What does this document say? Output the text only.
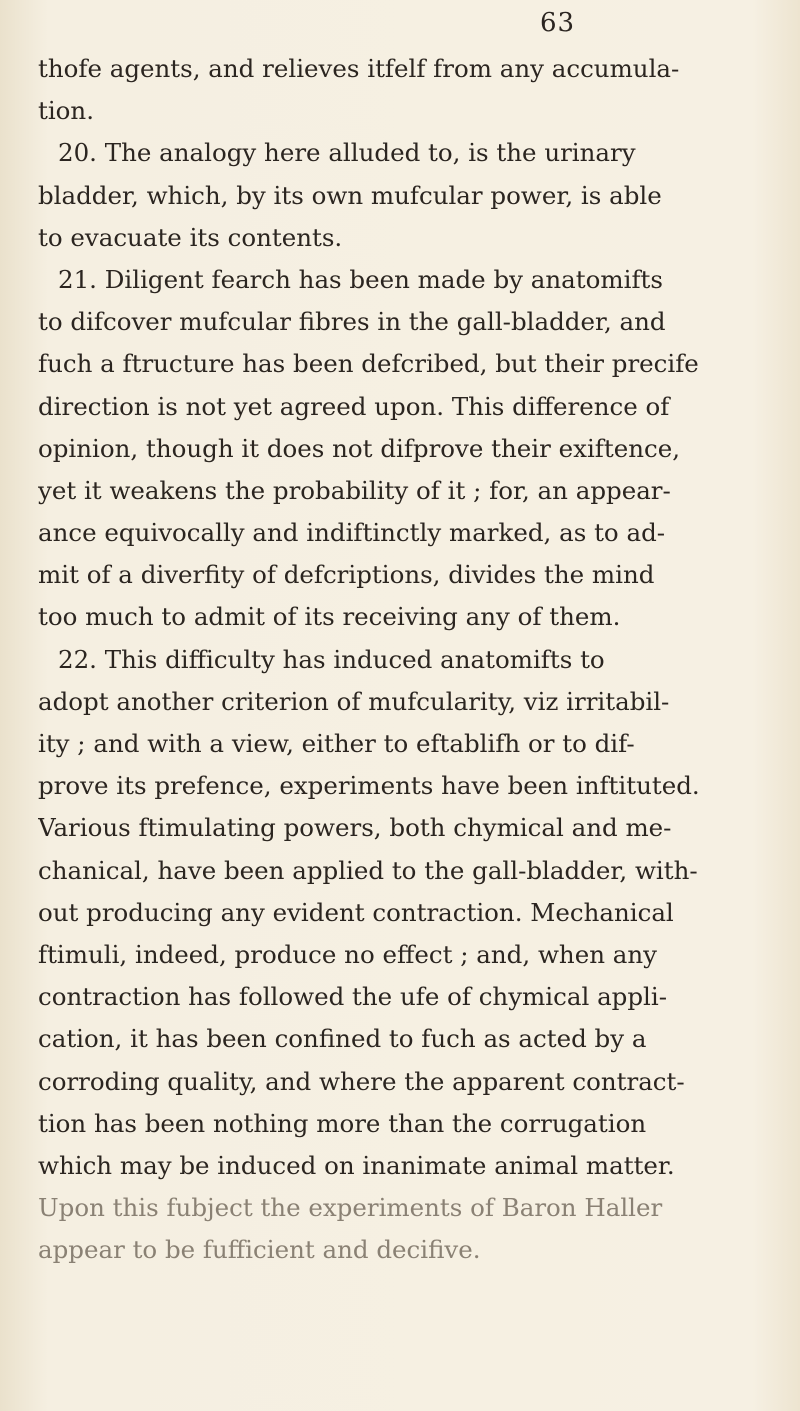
63
thofe agents, and relieves itfelf from any accumula-
tion.
20. The analogy here alluded to, is the urinary
bladder, which, by its own mufcular power, is able
to evacuate its contents.
21. Diligent fearch has been made by anatomifts
to difcover mufcular fibres in the gall-bladder, and
fuch a ftructure has been defcribed, but their precife
direction is not yet agreed upon. This difference of
opinion, though it does not difprove their exiftence,
yet it weakens the probability of it ; for, an appear-
ance equivocally and indiftinctly marked, as to ad-
mit of a diverfity of defcriptions, divides the mind
too much to admit of its receiving any of them.
22. This difficulty has induced anatomifts to
adopt another criterion of mufcularity, viz irritabil-
ity ; and with a view, either to eftablifh or to dif-
prove its prefence, experiments have been inftituted.
Various ftimulating powers, both chymical and me-
chanical, have been applied to the gall-bladder, with-
out producing any evident contraction. Mechanical
ftimuli, indeed, produce no effect ; and, when any
contraction has followed the ufe of chymical appli-
cation, it has been confined to fuch as acted by a
corroding quality, and where the apparent contract-
tion has been nothing more than the corrugation
which may be induced on inanimate animal matter.
Upon this fubject the experiments of Baron Haller
appear to be fufficient and decifive.
